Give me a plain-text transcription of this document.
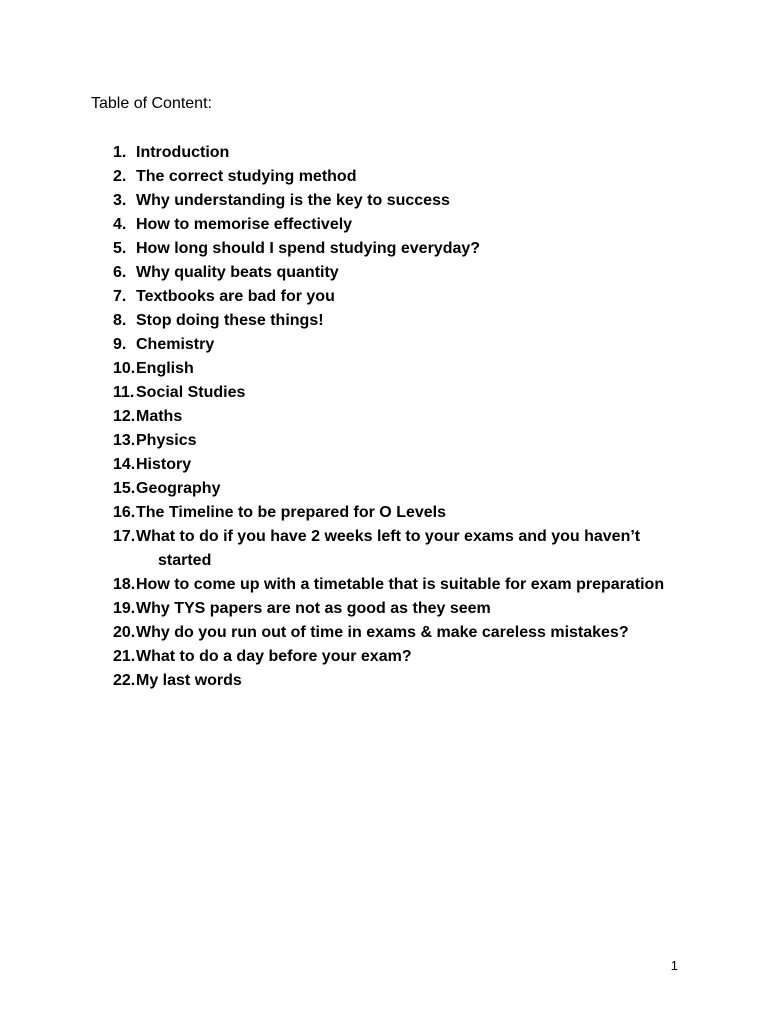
Table of Content:

1. Introduction
2. The correct studying method
3. Why understanding is the key to success
4. How to memorise effectively
5. How long should I spend studying everyday?
6. Why quality beats quantity
7. Textbooks are bad for you
8. Stop doing these things!
9. Chemistry
10. English
11. Social Studies
12. Maths
13. Physics
14. History
15. Geography
16. The Timeline to be prepared for O Levels
17. What to do if you have 2 weeks left to your exams and you haven’t started
18. How to come up with a timetable that is suitable for exam preparation
19. Why TYS papers are not as good as they seem
20. Why do you run out of time in exams & make careless mistakes?
21. What to do a day before your exam?
22. My last words
1
